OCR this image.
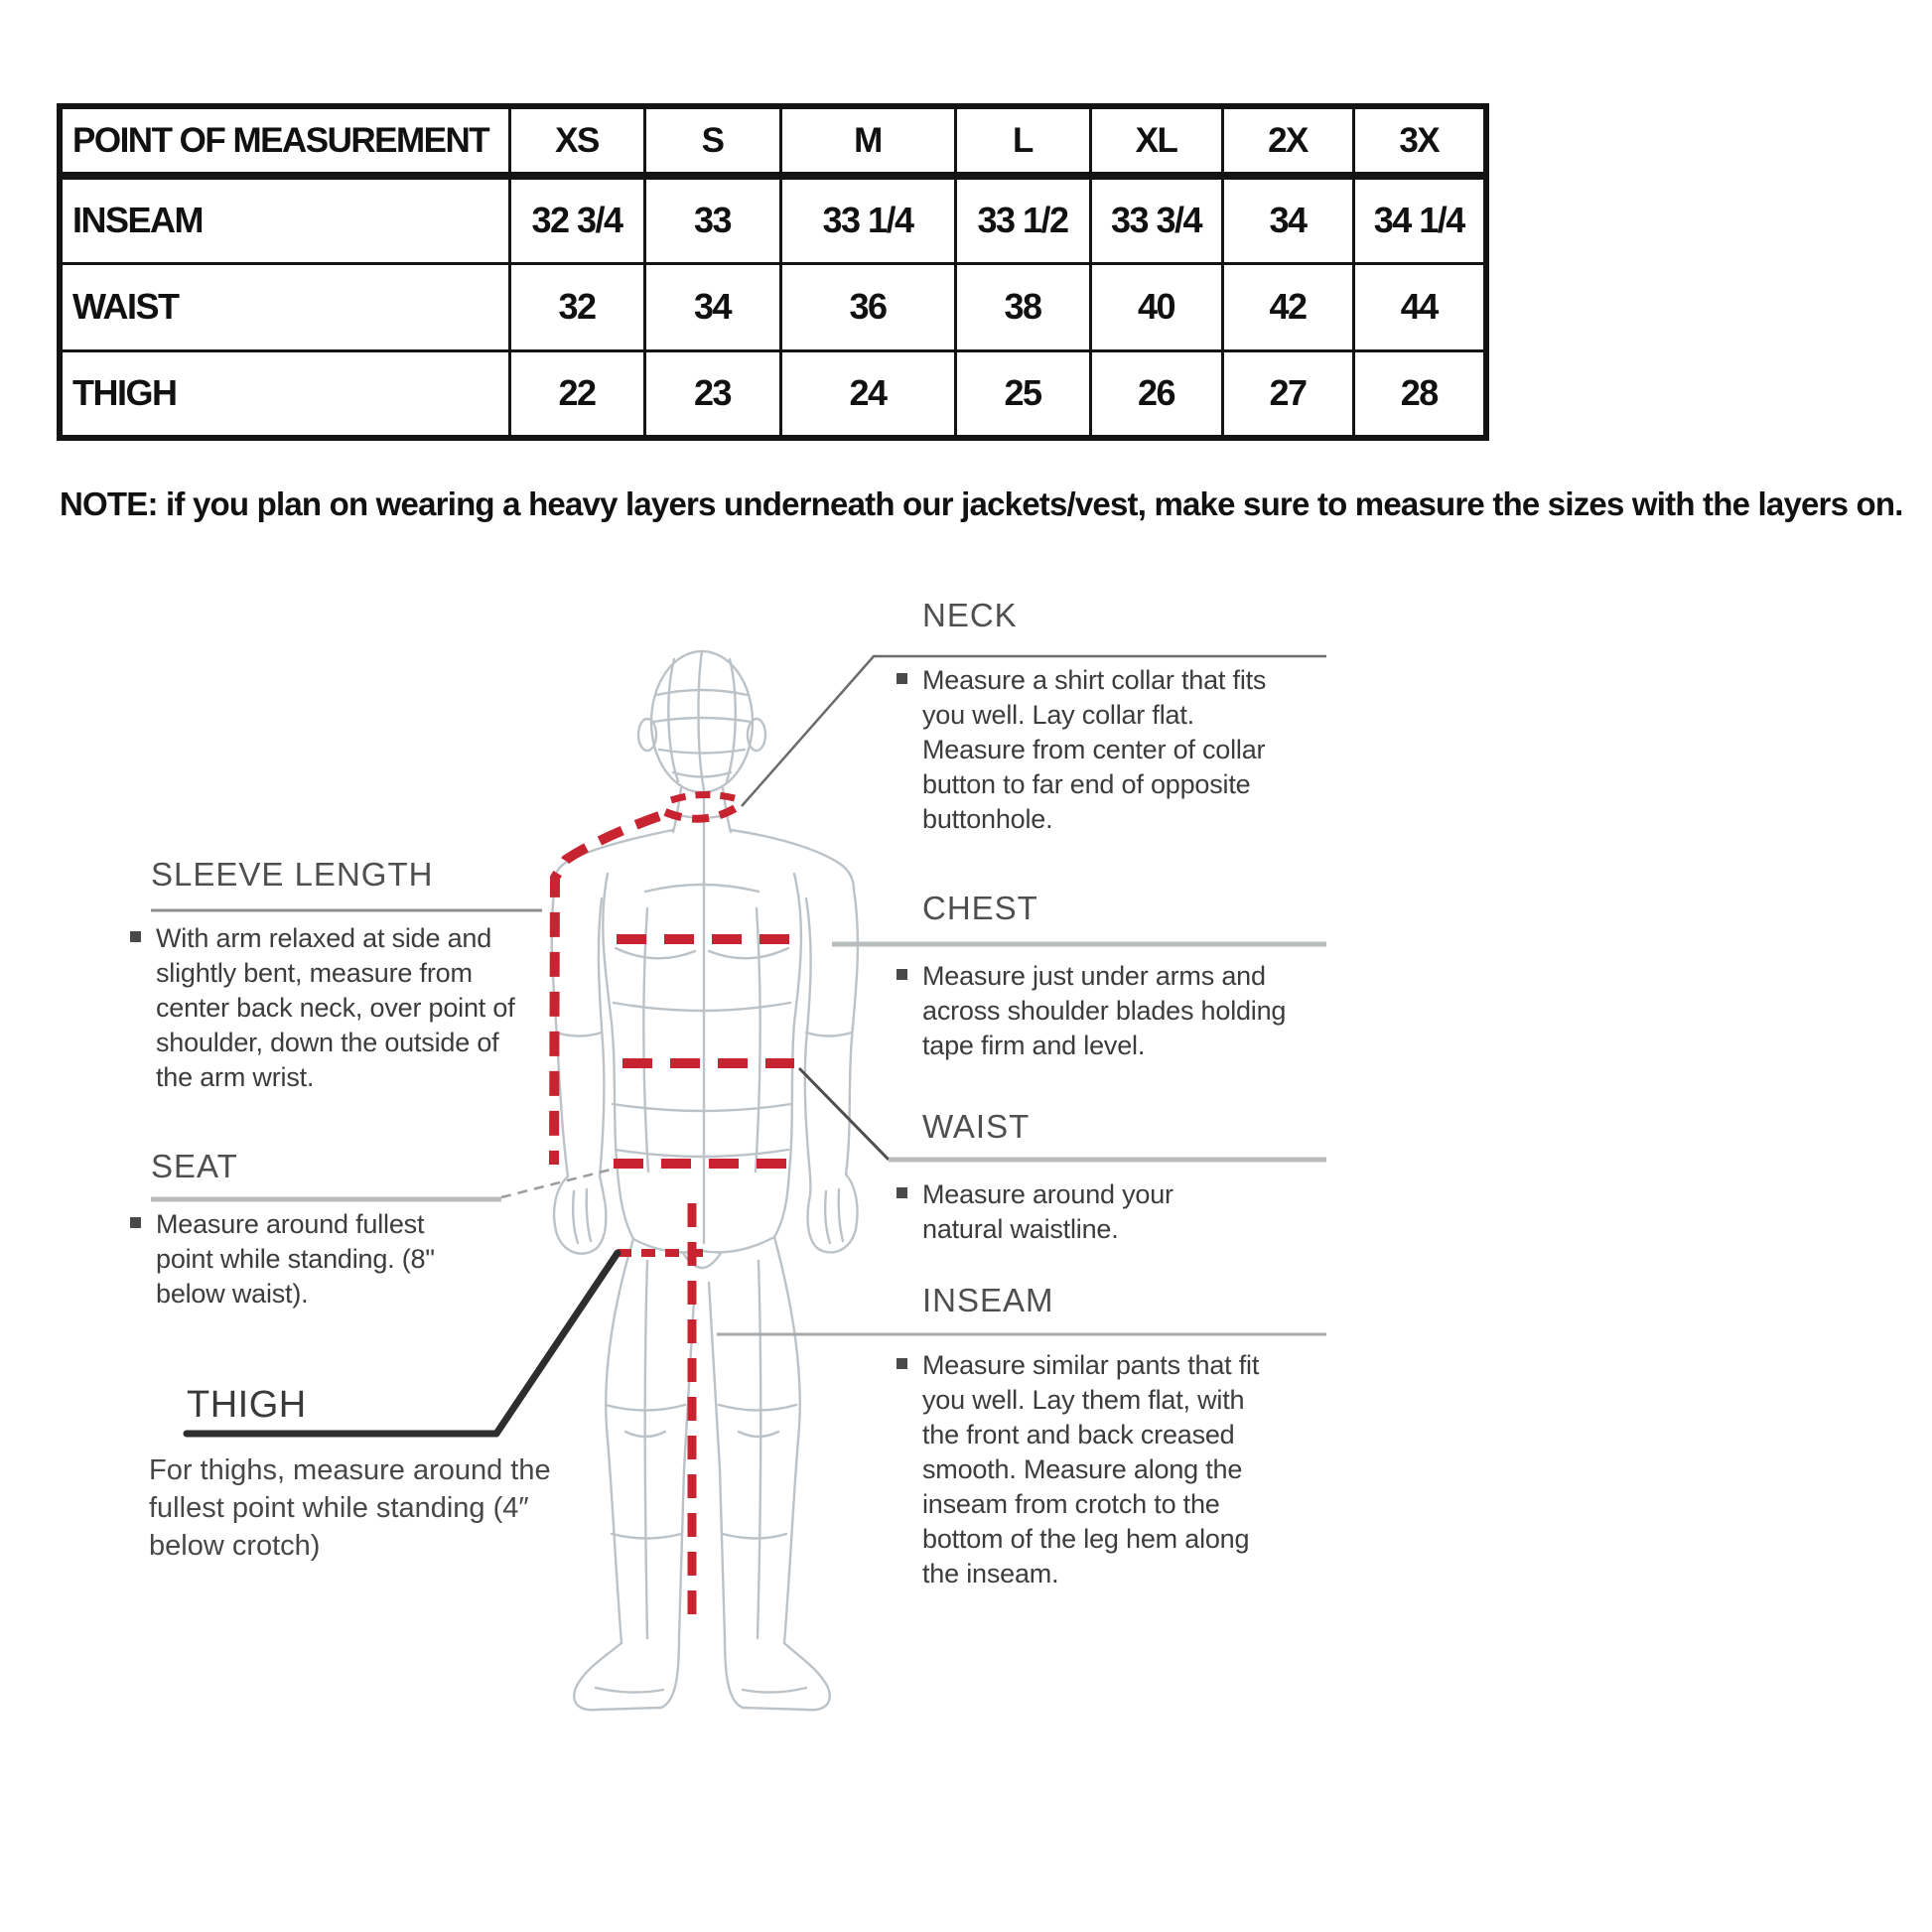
POINT OF MEASUREMENT	XS	S	M	L	XL	2X	3X
INSEAM	32 3/4	33	33 1/4	33 1/2	33 3/4	34	34 1/4
WAIST	32	34	36	38	40	42	44
THIGH	22	23	24	25	26	27	28
NOTE: if you plan on wearing a heavy layers underneath our jackets/vest, make sure to measure the sizes with the layers on.
NECK
Measure a shirt collar that fits you well. Lay collar flat. Measure from center of collar button to far end of opposite buttonhole.
SLEEVE LENGTH
With arm relaxed at side and slightly bent, measure from center back neck, over point of shoulder, down the outside of the arm wrist.
CHEST
Measure just under arms and across shoulder blades holding tape firm and level.
WAIST
Measure around your natural waistline.
SEAT
Measure around fullest point while standing. (8" below waist).	INSEAM
Measure similar pants that fit you well. Lay them flat, with the front and back creased smooth. Measure along the inseam from crotch to the bottom of the leg hem along the inseam.
THIGH
For thighs, measure around the fullest point while standing (4″ below crotch)
